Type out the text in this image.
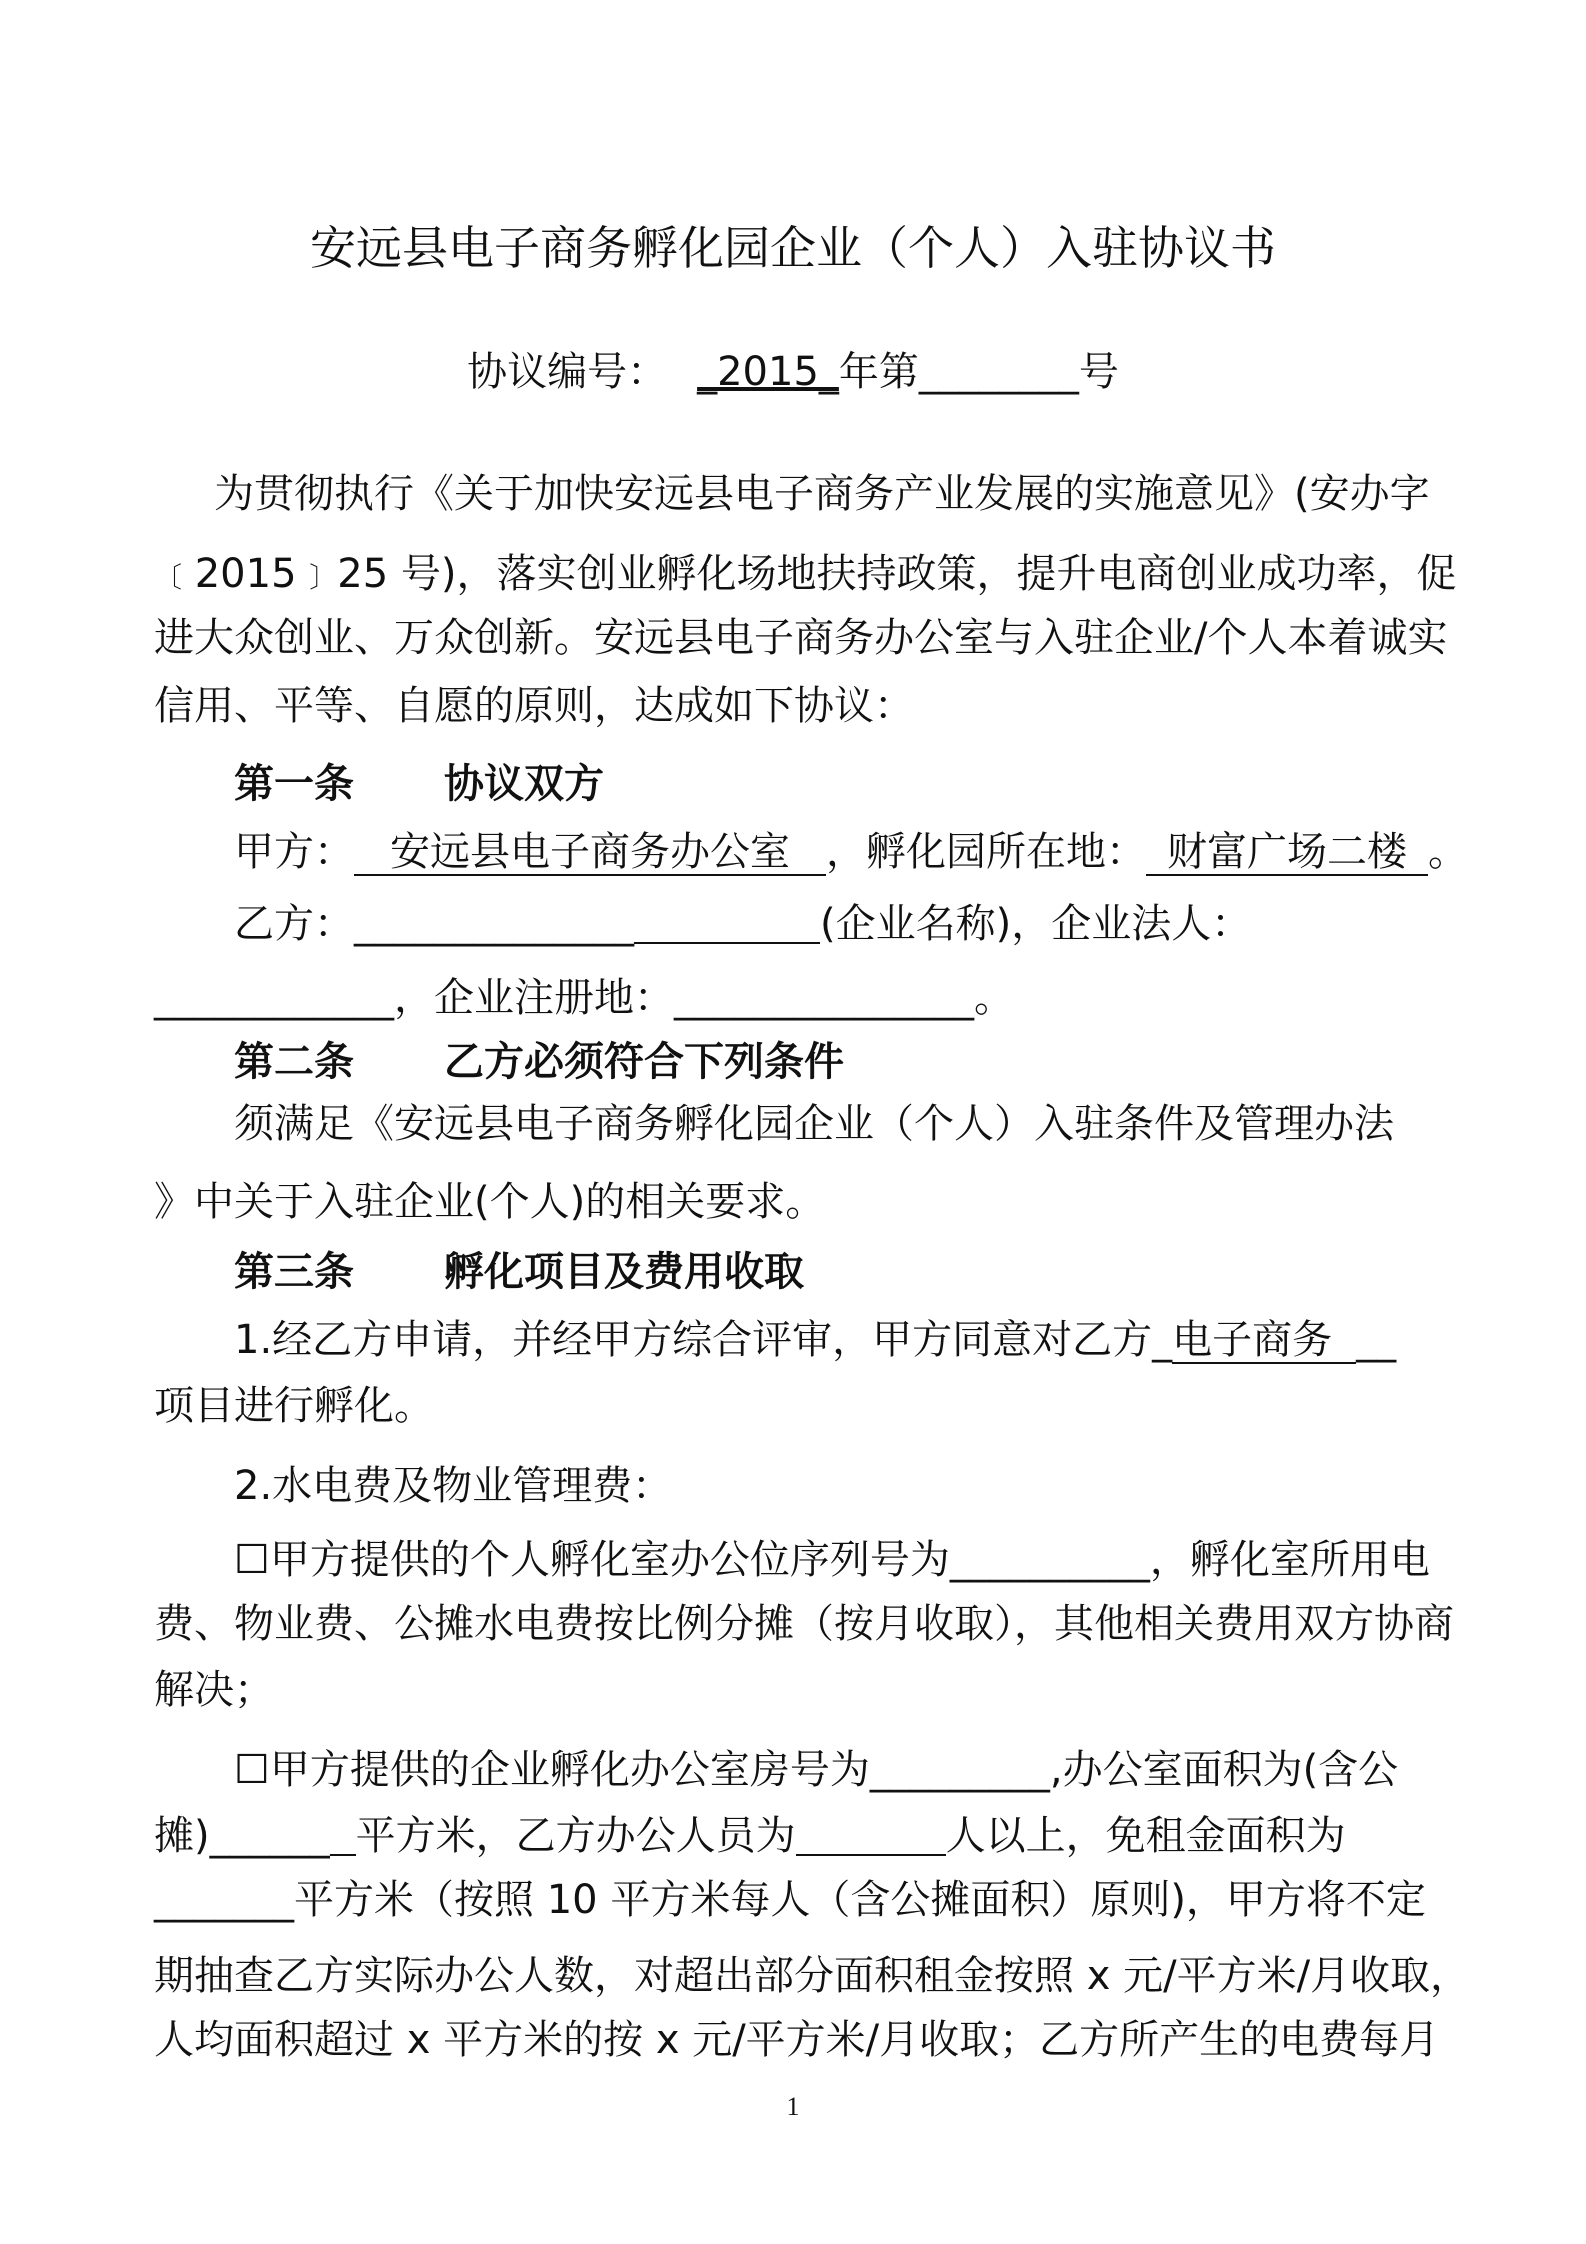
安远县电子商务孵化园企业（个人）入驻协议书
协议编号： _2015_年第________号
为贯彻执行《关于加快安远县电子商务产业发展的实施意见》(安办字
〔 2015 〕25 号)，落实创业孵化场地扶持政策，提升电商创业成功率，促
进大众创业、万众创新。安远县电子商务办公室与入驻企业/个人本着诚实
信用、平等、自愿的原则，达成如下协议：
第一条 协议双方
甲方： 安远县电子商务办公室 ，孵化园所在地： 财富广场二楼 。
乙方：______________	(企业名称)，企业法人：
____________，企业注册地：_______________。
第二条 乙方必须符合下列条件
须满足《安远县电子商务孵化园企业（个人）入驻条件及管理办法
》中关于入驻企业(个人)的相关要求。
第三条 孵化项目及费用收取
1.经乙方申请，并经甲方综合评审，甲方同意对乙方_电子商务 __
项目进行孵化。
2.水电费及物业管理费：
☐甲方提供的个人孵化室办公位序列号为__________，孵化室所用电
费、物业费、公摊水电费按比例分摊（按月收取），其他相关费用双方协商
解决；
☐甲方提供的企业孵化办公室房号为_________,办公室面积为(含公
摊)______ 平方米，乙方办公人员为	人以上，免租金面积为
_______平方米（按照 10 平方米每人（含公摊面积）原则)，甲方将不定
期抽查乙方实际办公人数，对超出部分面积租金按照 x 元/平方米/月收取，
人均面积超过 x 平方米的按 x 元/平方米/月收取；乙方所产生的电费每月
1
